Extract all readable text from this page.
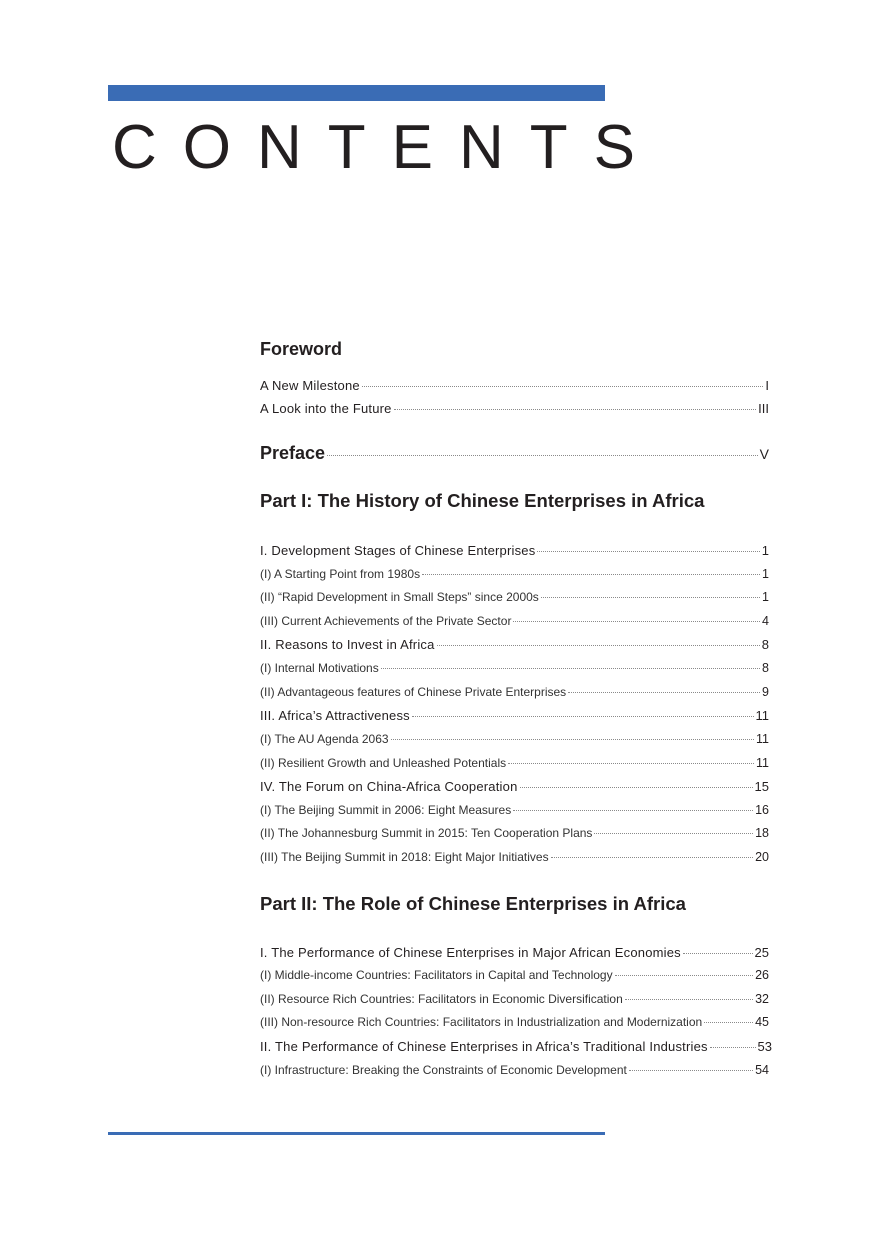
CONTENTS
Foreword
A New Milestone	I
A Look into the Future	III
Preface	V
Part I: The History of Chinese Enterprises in Africa
I. Development Stages of Chinese Enterprises	1
(I) A Starting Point from 1980s	1
(II) “Rapid Development in Small Steps” since 2000s	1
(III) Current Achievements of the Private Sector	4
II. Reasons to Invest in Africa	8
(I) Internal Motivations	8
(II) Advantageous features of Chinese Private Enterprises	9
III. Africa’s Attractiveness	11
(I) The AU Agenda 2063	11
(II) Resilient Growth and Unleashed Potentials	11
IV. The Forum on China-Africa Cooperation	15
(I) The Beijing Summit in 2006: Eight Measures	16
(II) The Johannesburg Summit in 2015: Ten Cooperation Plans	18
(III) The Beijing Summit in 2018: Eight Major Initiatives	20
Part II: The Role of Chinese Enterprises in Africa
I. The Performance of Chinese Enterprises in Major African Economies	25
(I) Middle-income Countries: Facilitators in Capital and Technology	26
(II) Resource Rich Countries: Facilitators in Economic Diversification	32
(III) Non-resource Rich Countries: Facilitators in Industrialization and Modernization	45
II. The Performance of Chinese Enterprises in Africa’s Traditional Industries	53
(I) Infrastructure: Breaking the Constraints of Economic Development	54
